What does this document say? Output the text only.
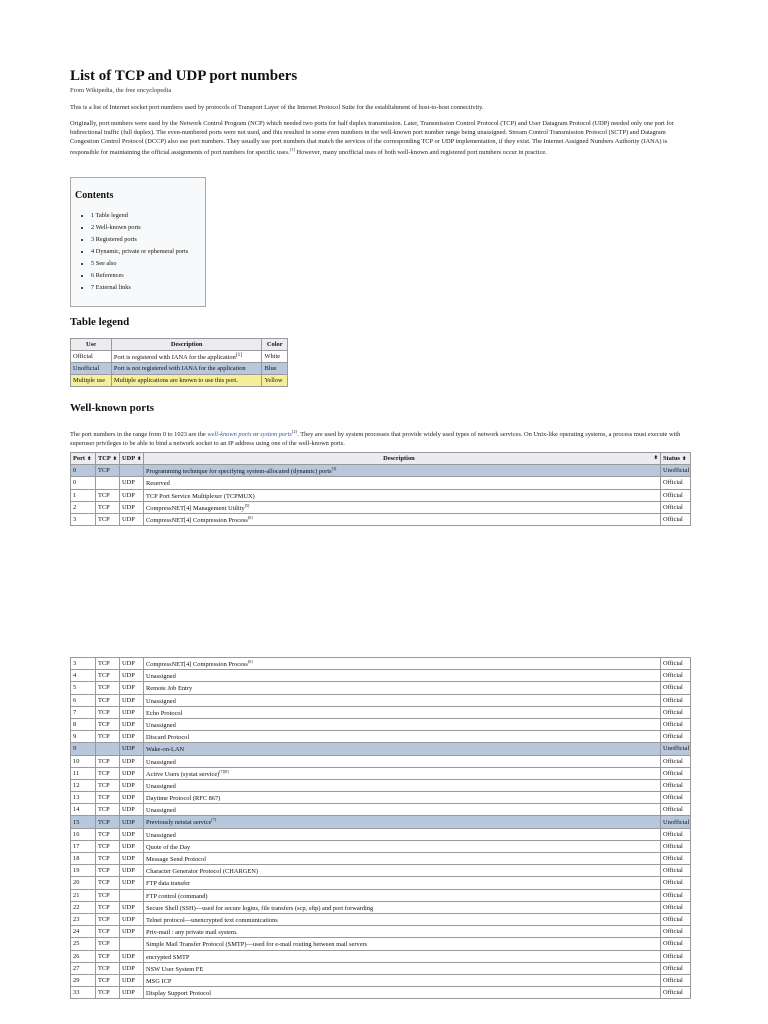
List of TCP and UDP port numbers
From Wikipedia, the free encyclopedia
This is a list of Internet socket port numbers used by protocols of Transport Layer of the Internet Protocol Suite for the establishment of host-to-host connectivity.
Originally, port numbers were used by the Network Control Program (NCP) which needed two ports for half duplex transmission. Later, Transmission Control Protocol (TCP) and User Datagram Protocol (UDP) needed only one port for bidirectional traffic (full duplex). The even-numbered ports were not used, and this resulted in some even numbers in the well-known port number range being unassigned. Stream Control Transmission Protocol (SCTP) and Datagram Congestion Control Protocol (DCCP) also use port numbers. They usually use port numbers that match the services of the corresponding TCP or UDP implementation, if they exist. The Internet Assigned Numbers Authority (IANA) is responsible for maintaining the official assignments of port numbers for specific uses.[1] However, many unofficial uses of both well-known and registered port numbers occur in practice.
Contents
• 1 Table legend
• 2 Well-known ports
• 3 Registered ports
• 4 Dynamic, private or ephemeral ports
• 5 See also
• 6 References
• 7 External links
Table legend
Use	Description	Color
Official	Port is registered with IANA for the application[1]	White
Unofficial	Port is not registered with IANA for the application	Blue
Multiple use	Multiple applications are known to use this port.	Yellow
Well-known ports
The port numbers in the range from 0 to 1023 are the well-known ports or system ports[2]. They are used by system processes that provide widely used types of network services. On Unix-like operating systems, a process must execute with superuser privileges to be able to bind a network socket to an IP address using one of the well-known ports.
Port ⬍	TCP ⬍	UDP ⬍	Description ⬍	Status ⬍
0	TCP		Programming technique for specifying system-allocated (dynamic) ports[3]	Unofficial
0		UDP	Reserved	Official
1	TCP	UDP	TCP Port Service Multiplexer (TCPMUX)	Official
2	TCP	UDP	CompressNET[4] Management Utility[5]	Official
3	TCP	UDP	CompressNET[4] Compression Process[6]	Official
3	TCP	UDP	CompressNET[4] Compression Process[6]	Official
4	TCP	UDP	Unassigned	Official
5	TCP	UDP	Remote Job Entry	Official
6	TCP	UDP	Unassigned	Official
7	TCP	UDP	Echo Protocol	Official
8	TCP	UDP	Unassigned	Official
9	TCP	UDP	Discard Protocol	Official
9		UDP	Wake-on-LAN	Unofficial
10	TCP	UDP	Unassigned	Official
11	TCP	UDP	Active Users (systat service)[7][8]	Official
12	TCP	UDP	Unassigned	Official
13	TCP	UDP	Daytime Protocol (RFC 867)	Official
14	TCP	UDP	Unassigned	Official
15	TCP	UDP	Previously netstat service[7]	Unofficial
16	TCP	UDP	Unassigned	Official
17	TCP	UDP	Quote of the Day	Official
18	TCP	UDP	Message Send Protocol	Official
19	TCP	UDP	Character Generator Protocol (CHARGEN)	Official
20	TCP	UDP	FTP data transfer	Official
21	TCP		FTP control (command)	Official
22	TCP	UDP	Secure Shell (SSH)—used for secure logins, file transfers (scp, sftp) and port forwarding	Official
23	TCP	UDP	Telnet protocol—unencrypted text communications	Official
24	TCP	UDP	Priv-mail : any private mail system.	Official
25	TCP		Simple Mail Transfer Protocol (SMTP)—used for e-mail routing between mail servers	Official
26	TCP	UDP	encrypted SMTP	Official
27	TCP	UDP	NSW User System FE	Official
29	TCP	UDP	MSG ICP	Official
33	TCP	UDP	Display Support Protocol	Official
